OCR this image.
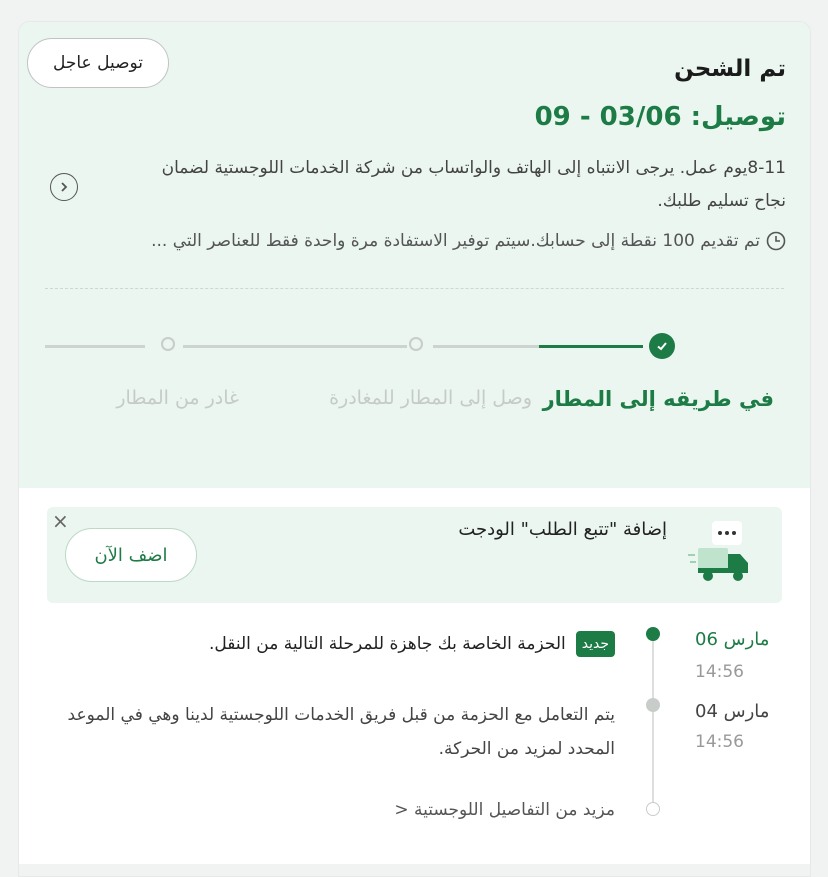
تم الشحن
توصيل عاجل
توصيل: 03/06 - 09
8-11يوم عمل. يرجى الانتباه إلى الهاتف والواتساب من شركة الخدمات اللوجستية لضمان نجاح تسليم طلبك.
تم تقديم 100 نقطة إلى حسابك.سيتم توفير الاستفادة مرة واحدة فقط للعناصر التي ...
في طريقه إلى المطار
وصل إلى المطار للمغادرة
غادر من المطار
×	إضافة "تتبع الطلب" الودجت
اضف الآن
مارس 06
14:56
جديدالحزمة الخاصة بك جاهزة للمرحلة التالية من النقل.
مارس 04
14:56
يتم التعامل مع الحزمة من قبل فريق الخدمات اللوجستية لدينا وهي في الموعد المحدد لمزيد من الحركة.
مزيد من التفاصيل اللوجستية <
